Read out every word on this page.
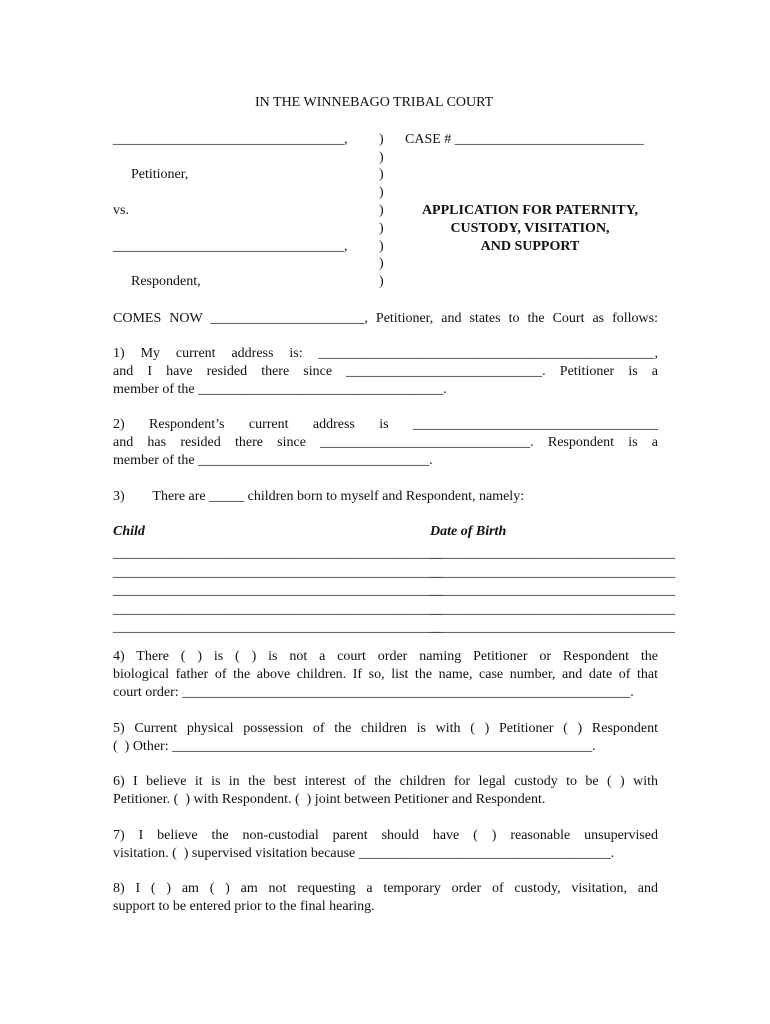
IN THE WINNEBAGO TRIBAL COURT
_________________________________,
Petitioner,
vs.
_________________________________,
Respondent,
)
)
)
)
)
)
)
)
)
CASE # ___________________________
APPLICATION FOR PATERNITY,
CUSTODY, VISITATION,
AND SUPPORT
COMES NOW ______________________, Petitioner, and states to the Court as follows:
1) My current address is: ________________________________________________,
and I have resided there since ____________________________. Petitioner is a
member of the ___________________________________.
2) Respondent’s current address is ___________________________________
and has resided there since ______________________________. Respondent is a
member of the _________________________________.
3)        There are _____ children born to myself and Respondent, namely:
Child	Date of Birth
_______________________________________________
___________________________________
_______________________________________________
___________________________________
_______________________________________________
___________________________________
_______________________________________________
___________________________________
_______________________________________________
___________________________________
4) There ( ) is ( ) is not a court order naming Petitioner or Respondent the
biological father of the above children. If so, list the name, case number, and date of that
court order: ________________________________________________________________.
5) Current physical possession of the children is with ( ) Petitioner ( ) Respondent
(  ) Other: ____________________________________________________________.
6) I believe it is in the best interest of the children for legal custody to be ( ) with
Petitioner. (  ) with Respondent. (  ) joint between Petitioner and Respondent.
7) I believe the non-custodial parent should have ( ) reasonable unsupervised
visitation. (  ) supervised visitation because ____________________________________.
8) I ( ) am ( ) am not requesting a temporary order of custody, visitation, and
support to be entered prior to the final hearing.
